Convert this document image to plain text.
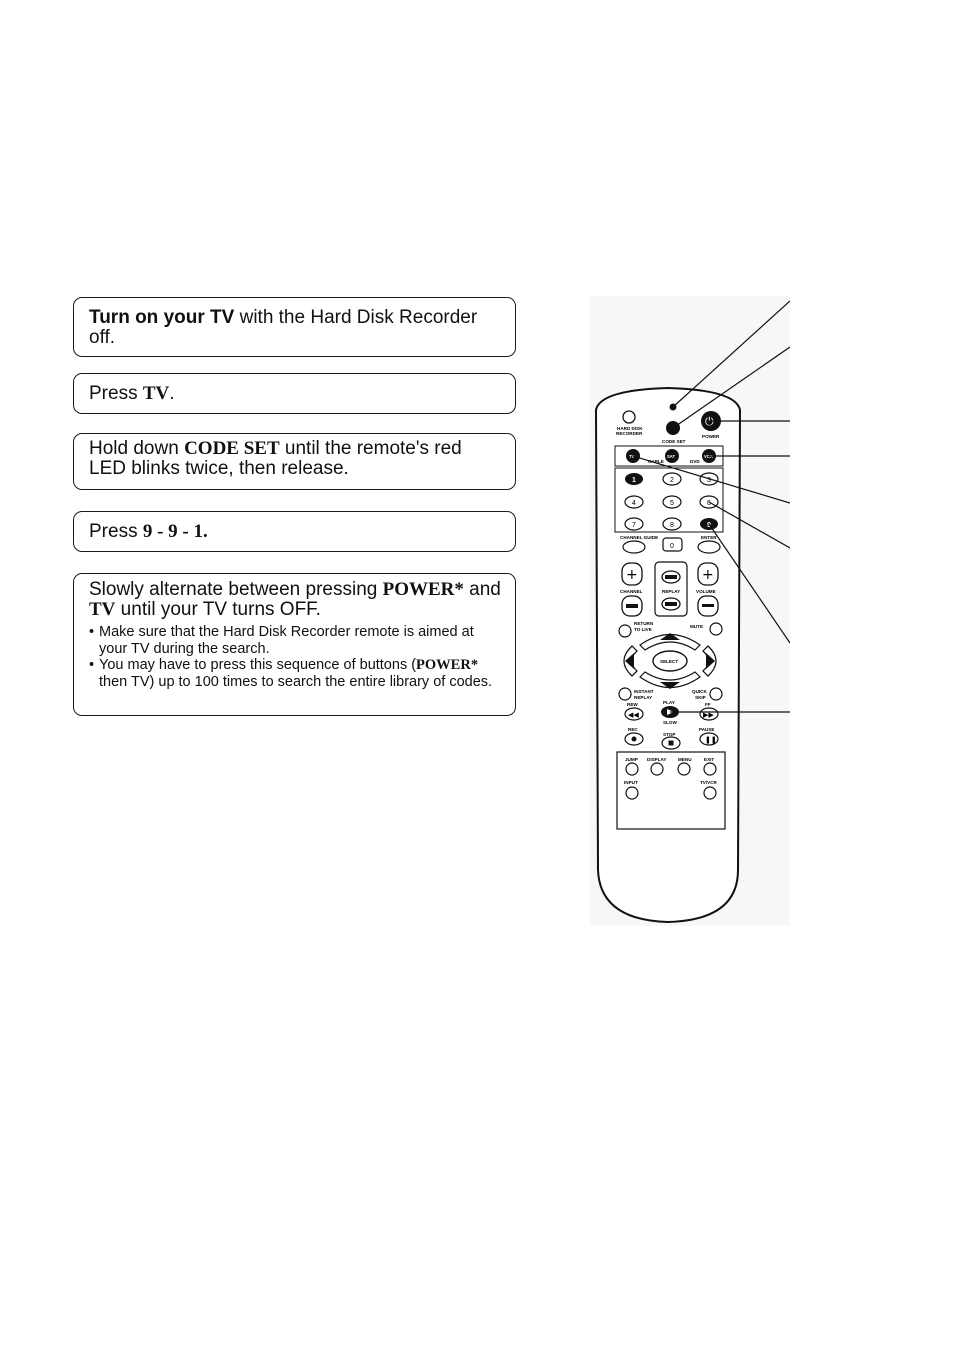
Turn on your TV with the Hard Disk Recorder off.
Press TV.
Hold down CODE SET until the remote's red LED blinks twice, then release.
Press 9 - 9 - 1.
Slowly alternate between pressing POWER* and TV until your TV turns OFF.
• Make sure that the Hard Disk Recorder remote is aimed at your TV during the search.
• You may have to press this sequence of buttons (POWER* then TV) up to 100 times to search the entire library of codes.
HARD DISK
RECORDER
CODE SET
⏻
POWER
TV	SAT	VCR
CABLE	DVD
1	2	3
4	5	6
7	8	9
0
CHANNEL GUIDE	ENTER
+
CHANNEL	REPLAY
+
VOLUME
RETURN
TO LIVE
MUTE
SELECT
INSTANT
REPLAY
QUICK
SKIP
REW
◀◀
PLAY
SLOW
FF
▶▶
REC
STOP
PAUSE
❚❚
JUMP DISPLAY	MENU	EXIT
INPUT	TV/VCR
